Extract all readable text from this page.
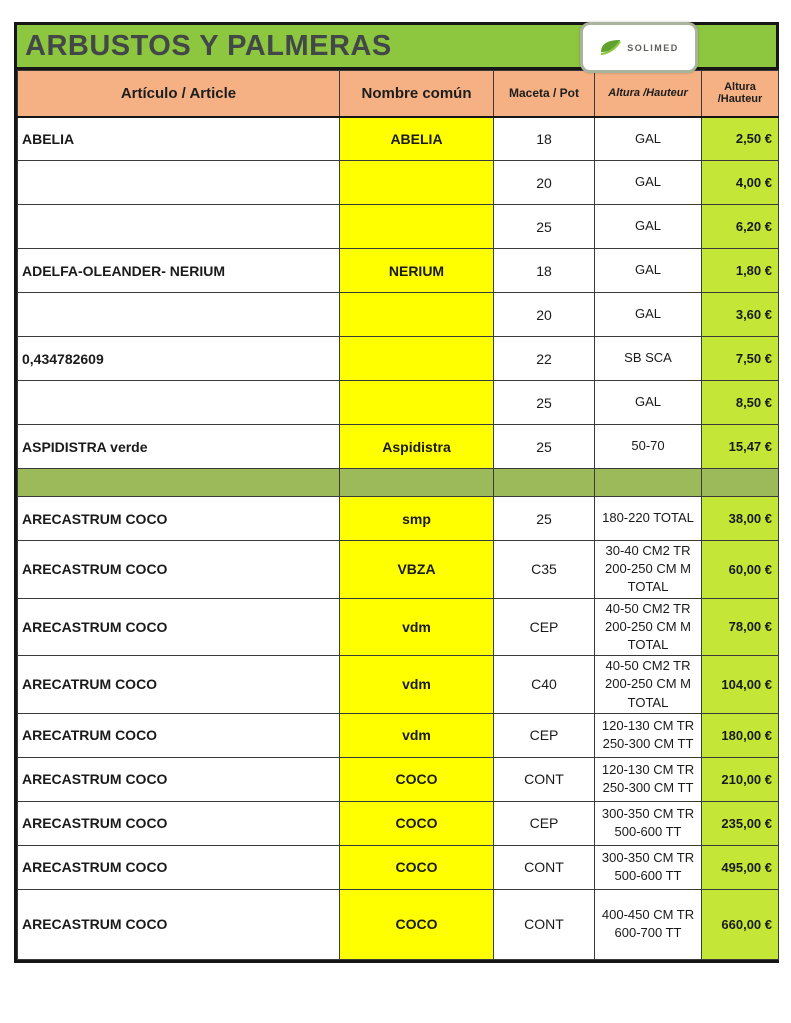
ARBUSTOS Y PALMERAS	SOLIMED
Artículo / Article	Nombre común	Maceta / Pot	Altura /Hauteur	Altura /Hauteur

ABELIA	ABELIA	18	GAL	2,50 €

		20	GAL	4,00 €

		25	GAL	6,20 €

ADELFA-OLEANDER- NERIUM	NERIUM	18	GAL	1,80 €

		20	GAL	3,60 €

0,434782609		22	SB SCA	7,50 €

		25	GAL	8,50 €

ASPIDISTRA verde	Aspidistra	25	50-70	15,47 €

ARECASTRUM COCO	smp	25	180-220 TOTAL	38,00 €

ARECASTRUM COCO	VBZA	C35	30-40 CM2 TR 200-250 CM M TOTAL	60,00 €

ARECASTRUM COCO	vdm	CEP	40-50 CM2 TR 200-250 CM M TOTAL	78,00 €

ARECATRUM COCO	vdm	C40	40-50 CM2 TR 200-250 CM M TOTAL	104,00 €

ARECATRUM COCO	vdm	CEP	120-130 CM TR 250-300 CM TT	180,00 €

ARECASTRUM COCO	COCO	CONT	120-130 CM TR 250-300 CM TT	210,00 €

ARECASTRUM COCO	COCO	CEP	300-350 CM TR 500-600 TT	235,00 €

ARECASTRUM COCO	COCO	CONT	300-350 CM TR 500-600 TT	495,00 €

ARECASTRUM COCO	COCO	CONT	400-450 CM TR 600-700 TT	660,00 €
